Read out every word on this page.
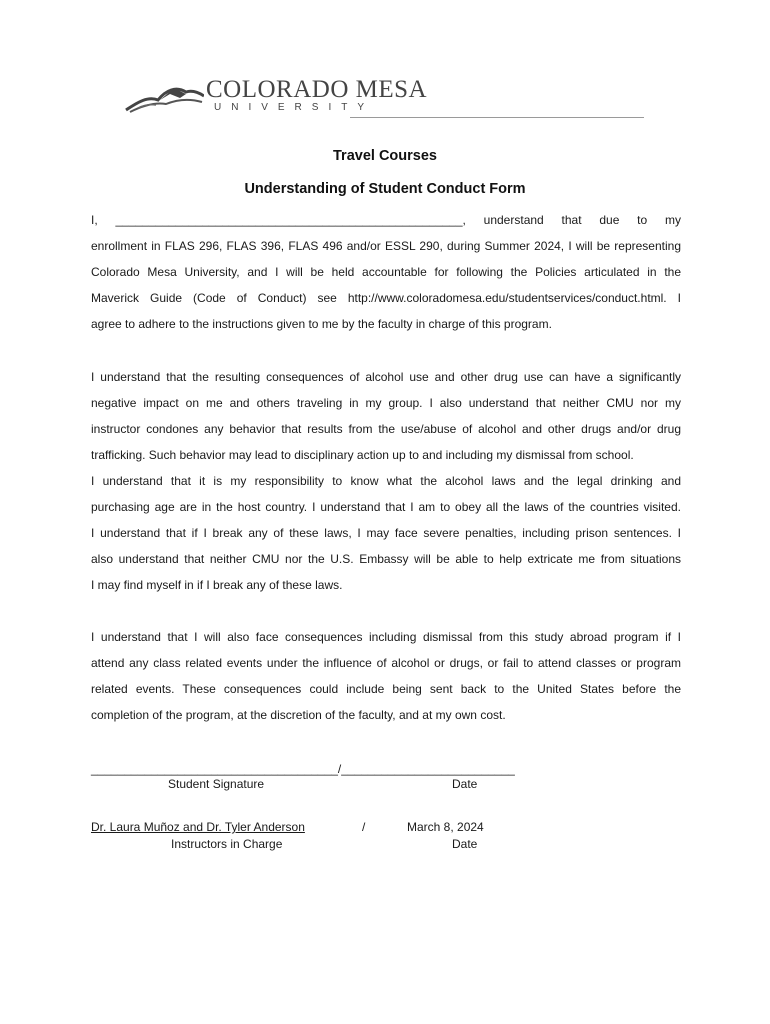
COLORADO MESA
UNIVERSITY
Travel Courses
Understanding of Student Conduct Form
I, ____________________________________________________, understand that due to my
enrollment in FLAS 296, FLAS 396, FLAS 496 and/or ESSL 290, during Summer 2024, I will be representing
Colorado Mesa University, and I will be held accountable for following the Policies articulated in the
Maverick Guide (Code of Conduct) see http://www.coloradomesa.edu/studentservices/conduct.html. I
agree to adhere to the instructions given to me by the faculty in charge of this program.
I understand that the resulting consequences of alcohol use and other drug use can have a significantly
negative impact on me and others traveling in my group. I also understand that neither CMU nor my
instructor condones any behavior that results from the use/abuse of alcohol and other drugs and/or drug
trafficking. Such behavior may lead to disciplinary action up to and including my dismissal from school.
I understand that it is my responsibility to know what the alcohol laws and the legal drinking and
purchasing age are in the host country. I understand that I am to obey all the laws of the countries visited.
I understand that if I break any of these laws, I may face severe penalties, including prison sentences. I
also understand that neither CMU nor the U.S. Embassy will be able to help extricate me from situations
I may find myself in if I break any of these laws.
I understand that I will also face consequences including dismissal from this study abroad program if I
attend any class related events under the influence of alcohol or drugs, or fail to attend classes or program
related events. These consequences could include being sent back to the United States before the
completion of the program, at the discretion of the faculty, and at my own cost.
_____________________________________/__________________________
Student Signature	Date
Dr. Laura Muñoz and Dr. Tyler Anderson	/	March 8, 2024

Instructors in Charge	Date
